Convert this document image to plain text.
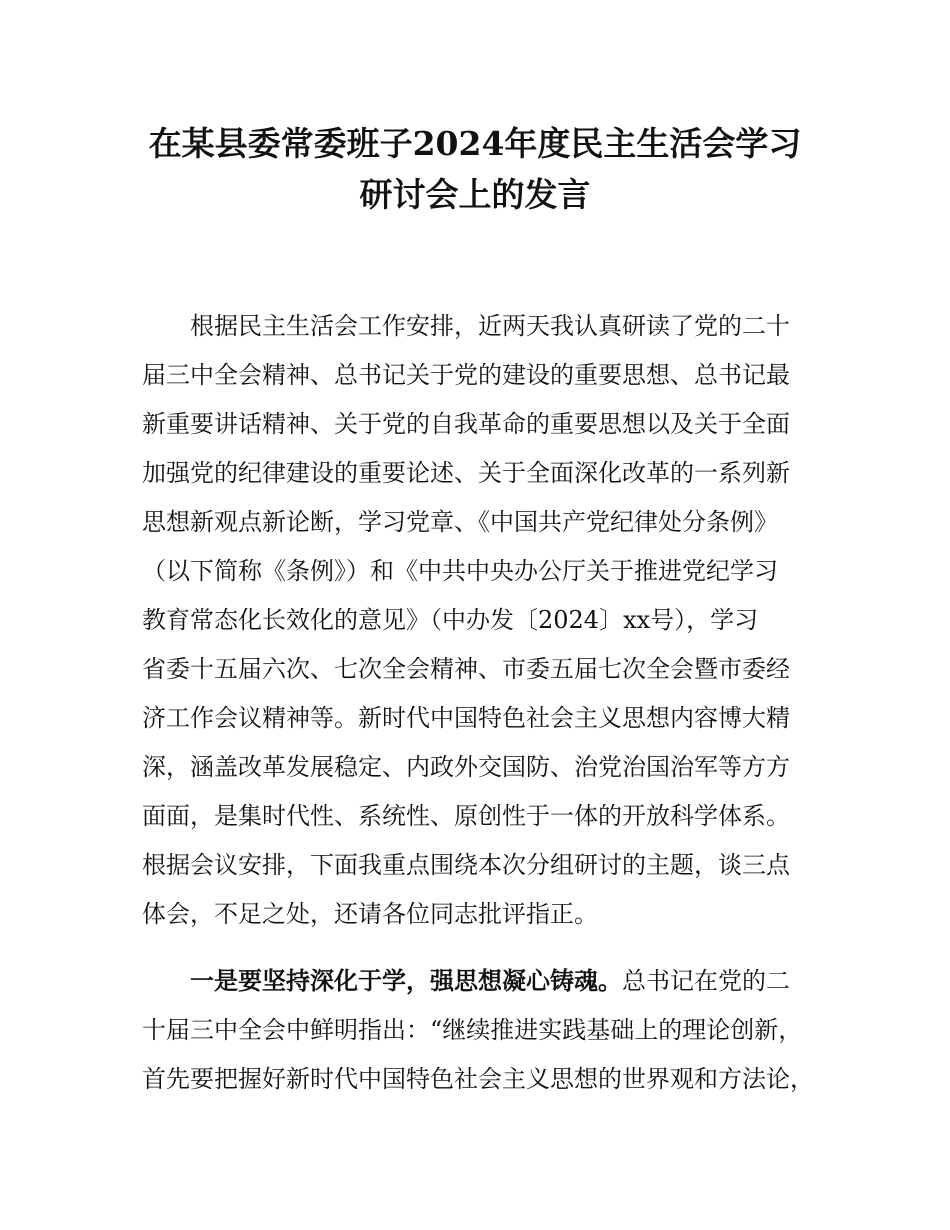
在某县委常委班子2024年度民主生活会学习
研讨会上的发言
根据民主生活会工作安排，近两天我认真研读了党的二十
届三中全会精神、总书记关于党的建设的重要思想、总书记最
新重要讲话精神、关于党的自我革命的重要思想以及关于全面
加强党的纪律建设的重要论述、关于全面深化改革的一系列新
思想新观点新论断，学习党章、《中国共产党纪律处分条例》
（以下简称《条例》）和《中共中央办公厅关于推进党纪学习
教育常态化长效化的意见》（中办发〔2024〕xx号），学习
省委十五届六次、七次全会精神、市委五届七次全会暨市委经
济工作会议精神等。新时代中国特色社会主义思想内容博大精
深，涵盖改革发展稳定、内政外交国防、治党治国治军等方方
面面，是集时代性、系统性、原创性于一体的开放科学体系。
根据会议安排，下面我重点围绕本次分组研讨的主题，谈三点
体会，不足之处，还请各位同志批评指正。
一是要坚持深化于学，强思想凝心铸魂。总书记在党的二
十届三中全会中鲜明指出：“继续推进实践基础上的理论创新，
首先要把握好新时代中国特色社会主义思想的世界观和方法论，
